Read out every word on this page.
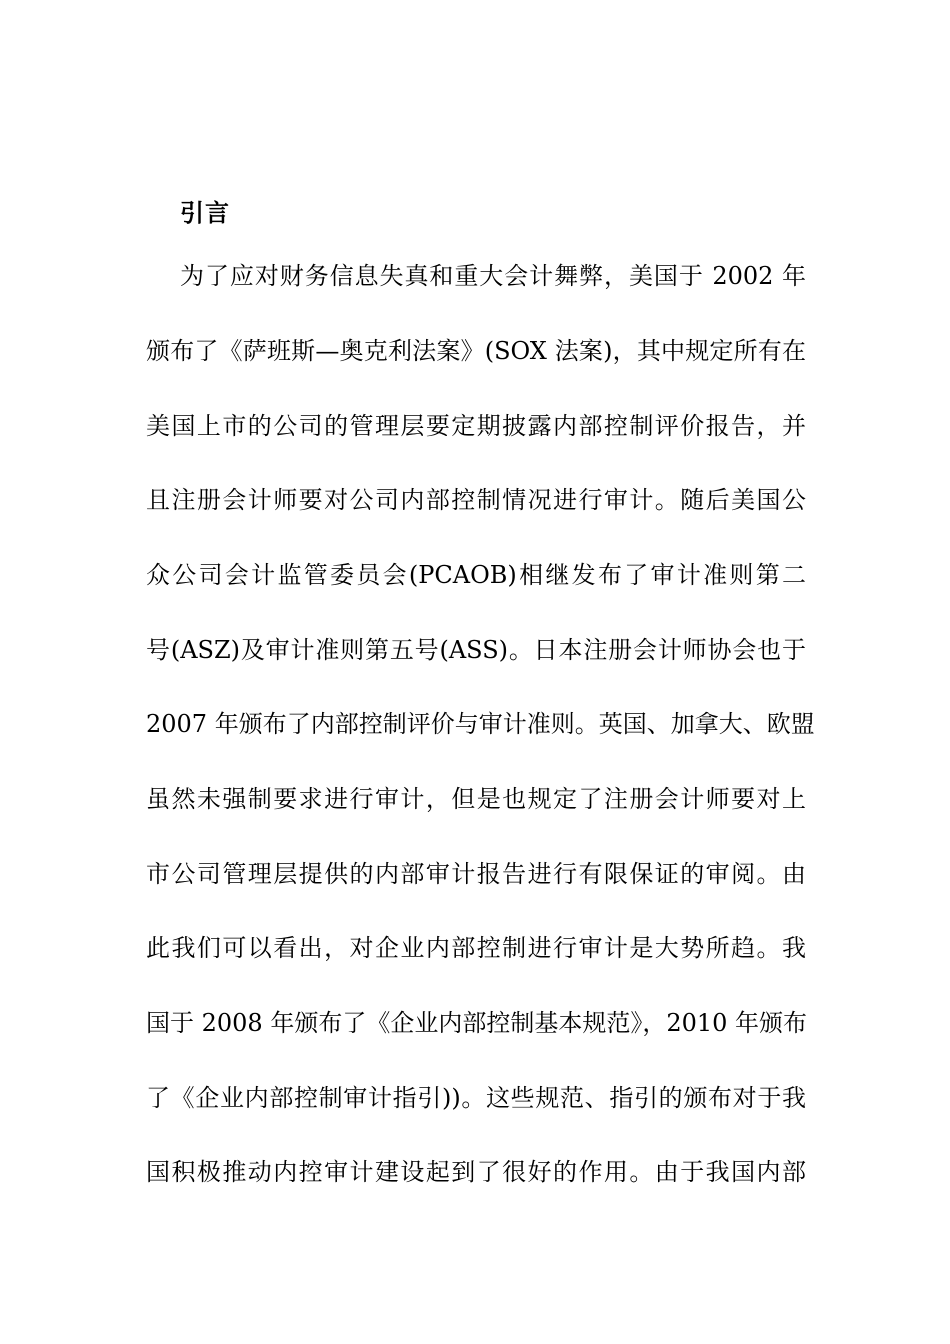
引言
为了应对财务信息失真和重大会计舞弊，美国于 2002 年
颁布了《萨班斯—奥克利法案》(SOX 法案)，其中规定所有在
美国上市的公司的管理层要定期披露内部控制评价报告，并
且注册会计师要对公司内部控制情况进行审计。随后美国公
众公司会计监管委员会(PCAOB)相继发布了审计准则第二
号(ASZ)及审计准则第五号(ASS)。日本注册会计师协会也于
2007 年颁布了内部控制评价与审计准则。英国、加拿大、欧盟
虽然未强制要求进行审计，但是也规定了注册会计师要对上
市公司管理层提供的内部审计报告进行有限保证的审阅。由
此我们可以看出，对企业内部控制进行审计是大势所趋。我
国于 2008 年颁布了《企业内部控制基本规范》，2010 年颁布
了《企业内部控制审计指引))。这些规范、指引的颁布对于我
国积极推动内控审计建设起到了很好的作用。由于我国内部
